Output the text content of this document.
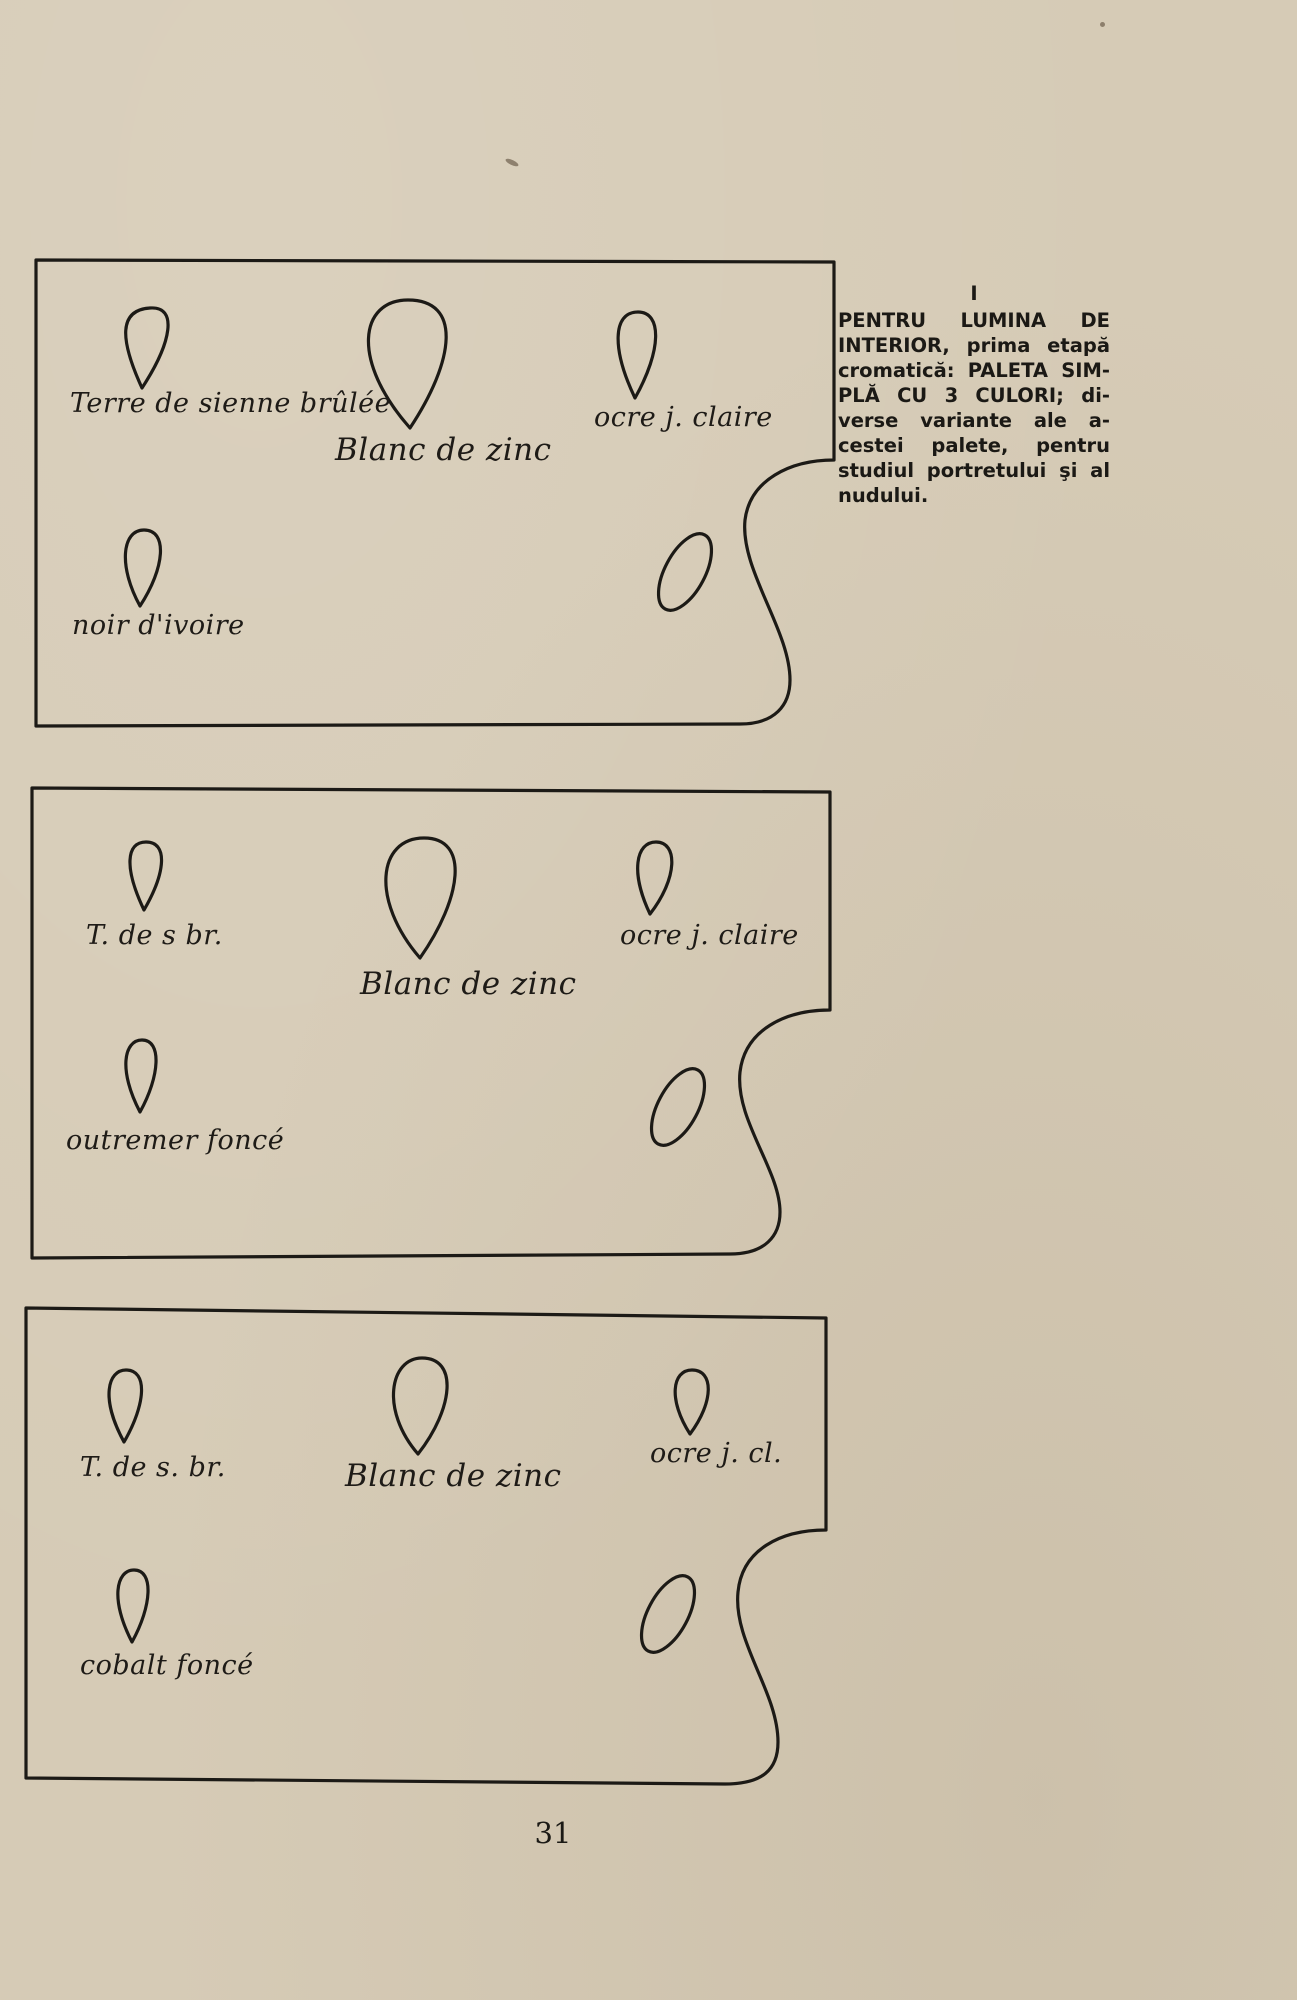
Terre de sienne brûlée
Blanc de zinc
ocre j. claire
noir d'ivoire
T. de s br.
Blanc de zinc
ocre j. claire
outremer foncé
T. de s. br.	Blanc de zinc
ocre j. cl.
cobalt foncé
I
PENTRU LUMINA DE INTERIOR, prima etapă cromatică: PALETA SIM-PLĂ CU 3 CULORI; di-verse variante ale a-cestei palete, pentru studiul portretului şi al nudului.
31
